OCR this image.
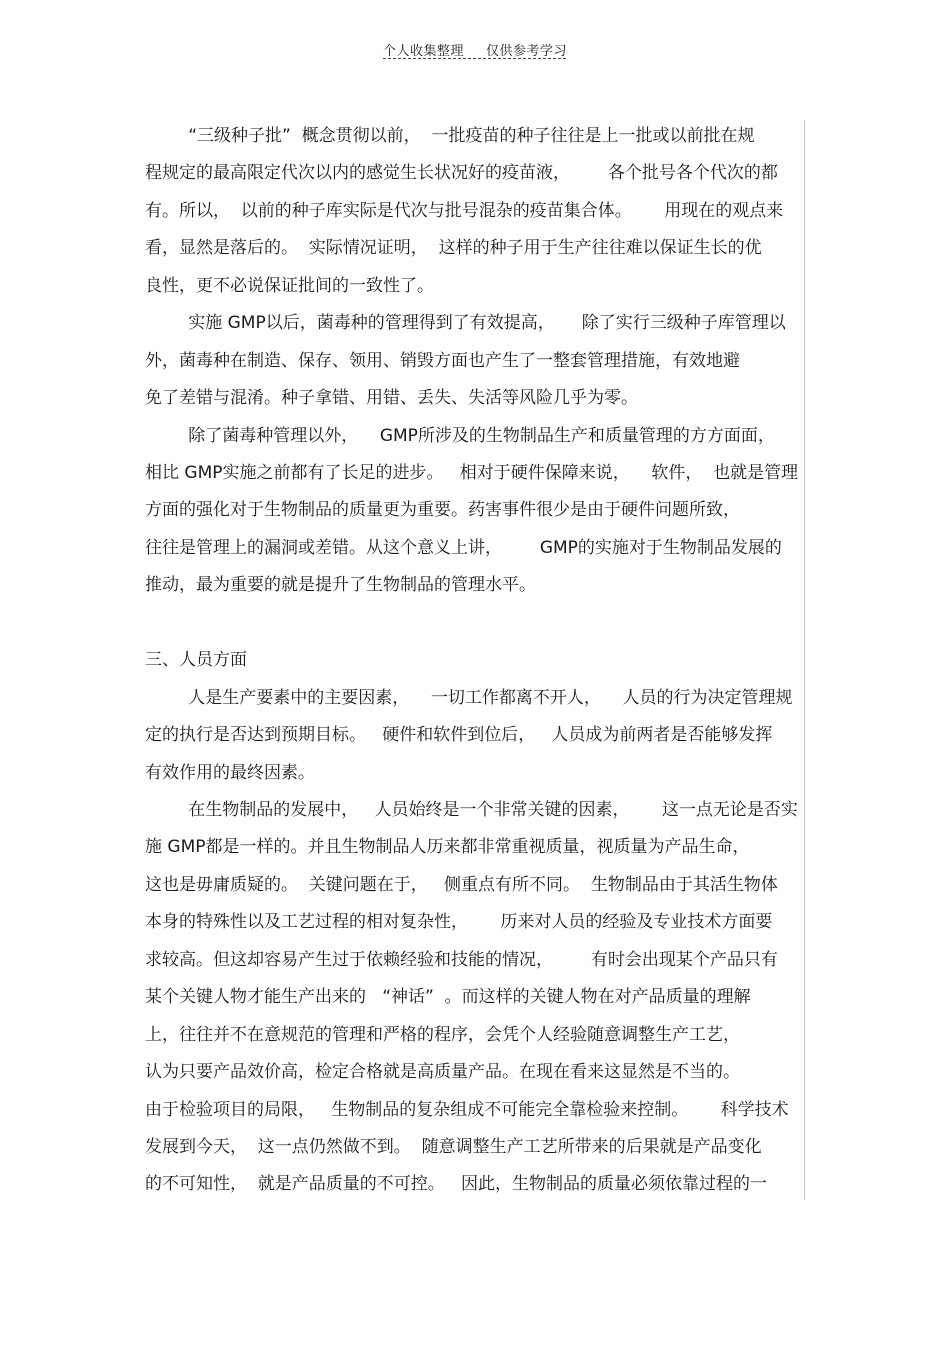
个人收集整理 仅供参考学习
“三级种子批”  概念贯彻以前，  一批疫苗的种子往往是上一批或以前批在规
程规定的最高限定代次以内的感觉生长状况好的疫苗液，       各个批号各个代次的都
有。所以，  以前的种子库实际是代次与批号混杂的疫苗集合体。      用现在的观点来
看，显然是落后的。  实际情况证明，  这样的种子用于生产往往难以保证生长的优
良性，更不必说保证批间的一致性了。
实施 GMP以后，菌毒种的管理得到了有效提高，     除了实行三级种子库管理以
外，菌毒种在制造、保存、领用、销毁方面也产生了一整套管理措施，有效地避
免了差错与混淆。种子拿错、用错、丢失、失活等风险几乎为零。
除了菌毒种管理以外，    GMP所涉及的生物制品生产和质量管理的方方面面，
相比 GMP实施之前都有了长足的进步。   相对于硬件保障来说，    软件，  也就是管理
方面的强化对于生物制品的质量更为重要。药害事件很少是由于硬件问题所致，
往往是管理上的漏洞或差错。从这个意义上讲，       GMP的实施对于生物制品发展的
推动，最为重要的就是提升了生物制品的管理水平。
三、人员方面
人是生产要素中的主要因素，    一切工作都离不开人，    人员的行为决定管理规
定的执行是否达到预期目标。   硬件和软件到位后，   人员成为前两者是否能够发挥
有效作用的最终因素。
在生物制品的发展中，   人员始终是一个非常关键的因素，      这一点无论是否实
施 GMP都是一样的。并且生物制品人历来都非常重视质量，视质量为产品生命，
这也是毋庸质疑的。  关键问题在于，   侧重点有所不同。  生物制品由于其活生物体
本身的特殊性以及工艺过程的相对复杂性，      历来对人员的经验及专业技术方面要
求较高。但这却容易产生过于依赖经验和技能的情况，       有时会出现某个产品只有
某个关键人物才能生产出来的   “神话”  。而这样的关键人物在对产品质量的理解
上，往往并不在意规范的管理和严格的程序，会凭个人经验随意调整生产工艺，
认为只要产品效价高，检定合格就是高质量产品。在现在看来这显然是不当的。
由于检验项目的局限，   生物制品的复杂组成不可能完全靠检验来控制。      科学技术
发展到今天，  这一点仍然做不到。  随意调整生产工艺所带来的后果就是产品变化
的不可知性，  就是产品质量的不可控。   因此，生物制品的质量必须依靠过程的一
